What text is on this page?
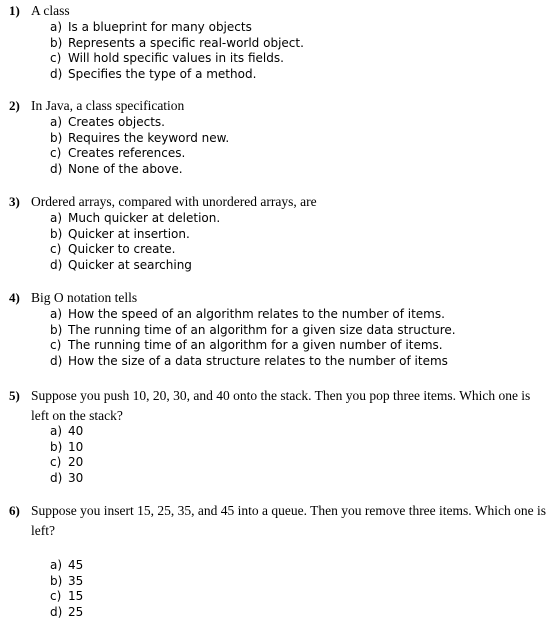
1) A class
a) Is a blueprint for many objects
b) Represents a specific real-world object.
c) Will hold specific values in its fields.
d) Specifies the type of a method.
2) In Java, a class specification
a) Creates objects.
b) Requires the keyword new.
c) Creates references.
d) None of the above.
3) Ordered arrays, compared with unordered arrays, are
a) Much quicker at deletion.
b) Quicker at insertion.
c) Quicker to create.
d) Quicker at searching
4) Big O notation tells
a) How the speed of an algorithm relates to the number of items.
b) The running time of an algorithm for a given size data structure.
c) The running time of an algorithm for a given number of items.
d) How the size of a data structure relates to the number of items
5) Suppose you push 10, 20, 30, and 40 onto the stack. Then you pop three items. Which one is left on the stack?
a) 40
b) 10
c) 20
d) 30
6) Suppose you insert 15, 25, 35, and 45 into a queue. Then you remove three items. Which one is left?
a) 45
b) 35
c) 15
d) 25
